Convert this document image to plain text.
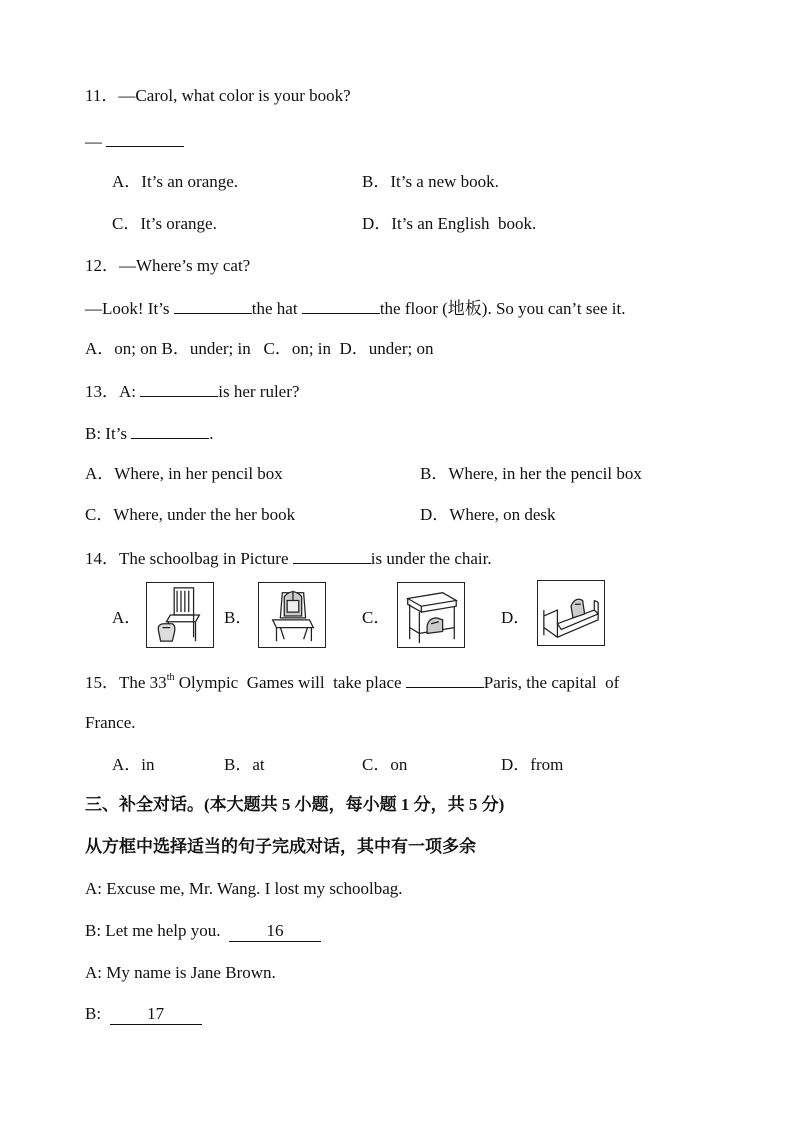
11．—Carol, what color is your book?
—
A．It’s an orange.	B．It’s a new book.
C．It’s orange.	D．It’s an English  book.
12．—Where’s my cat?
—Look! It’s	the hat	the floor (地板). So you can’t see it.
A．on; on B．under; in   C．on; in  D．under; on
13．A:	is her ruler?
B: It’s	.
A．Where, in her pencil box	B．Where, in her the pencil box
C．Where, under the her book	D．Where, on desk
14．The schoolbag in Picture	is under the chair.
A．	B．	C．	D．
15．The 33th Olympic  Games will  take place	Paris, the capital  of
France.
A．in	B．at	C．on	D．from
三、补全对话。(本大题共 5 小题，每小题 1 分，共 5 分)
从方框中选择适当的句子完成对话，其中有一项多余
A: Excuse me, Mr. Wang. I lost my schoolbag.
B: Let me help you.  16
A: My name is Jane Brown.
B:  17
